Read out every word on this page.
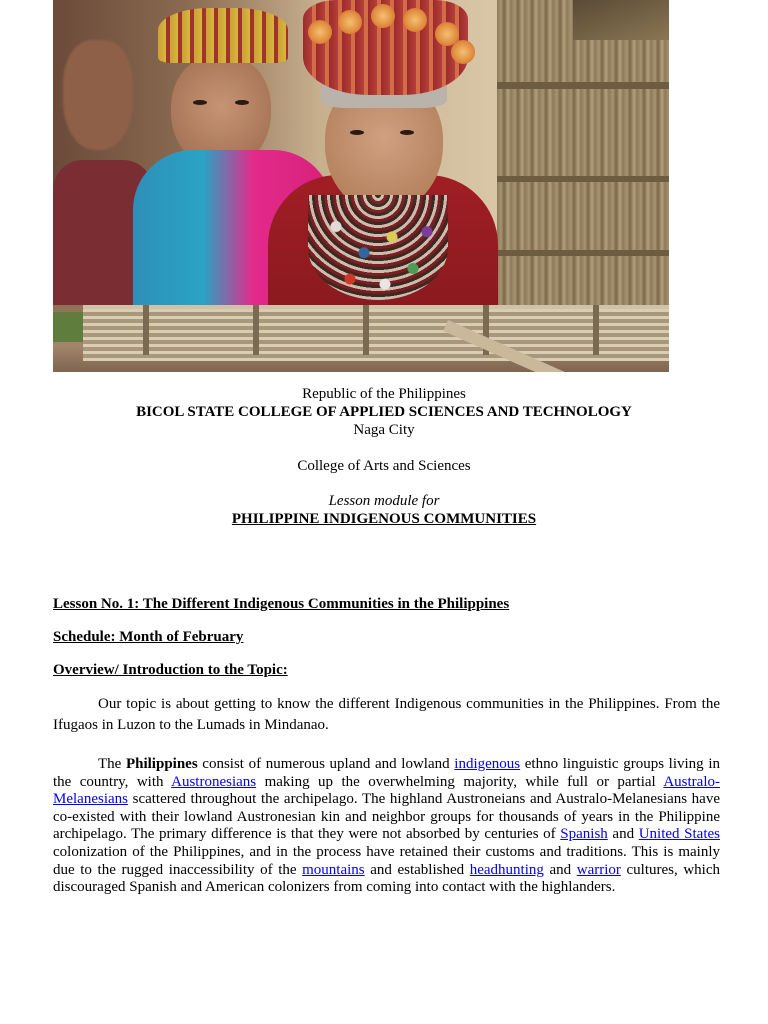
Republic of the Philippines
BICOL STATE COLLEGE OF APPLIED SCIENCES AND TECHNOLOGY
Naga City
College of Arts and Sciences
Lesson module for
PHILIPPINE INDIGENOUS COMMUNITIES
Lesson No. 1: The Different Indigenous Communities in the Philippines
Schedule: Month of February
Overview/ Introduction to the Topic:
Our topic is about getting to know the different Indigenous communities in the Philippines. From the Ifugaos in Luzon to the Lumads in Mindanao.
The Philippines consist of numerous upland and lowland indigenous ethno linguistic groups living in the country, with Austronesians making up the overwhelming majority, while full or partial Australo-Melanesians scattered throughout the archipelago. The highland Austroneians and Australo-Melanesians have co-existed with their lowland Austronesian kin and neighbor groups for thousands of years in the Philippine archipelago. The primary difference is that they were not absorbed by centuries of Spanish and United States colonization of the Philippines, and in the process have retained their customs and traditions. This is mainly due to the rugged inaccessibility of the mountains and established headhunting and warrior cultures, which discouraged Spanish and American colonizers from coming into contact with the highlanders.
